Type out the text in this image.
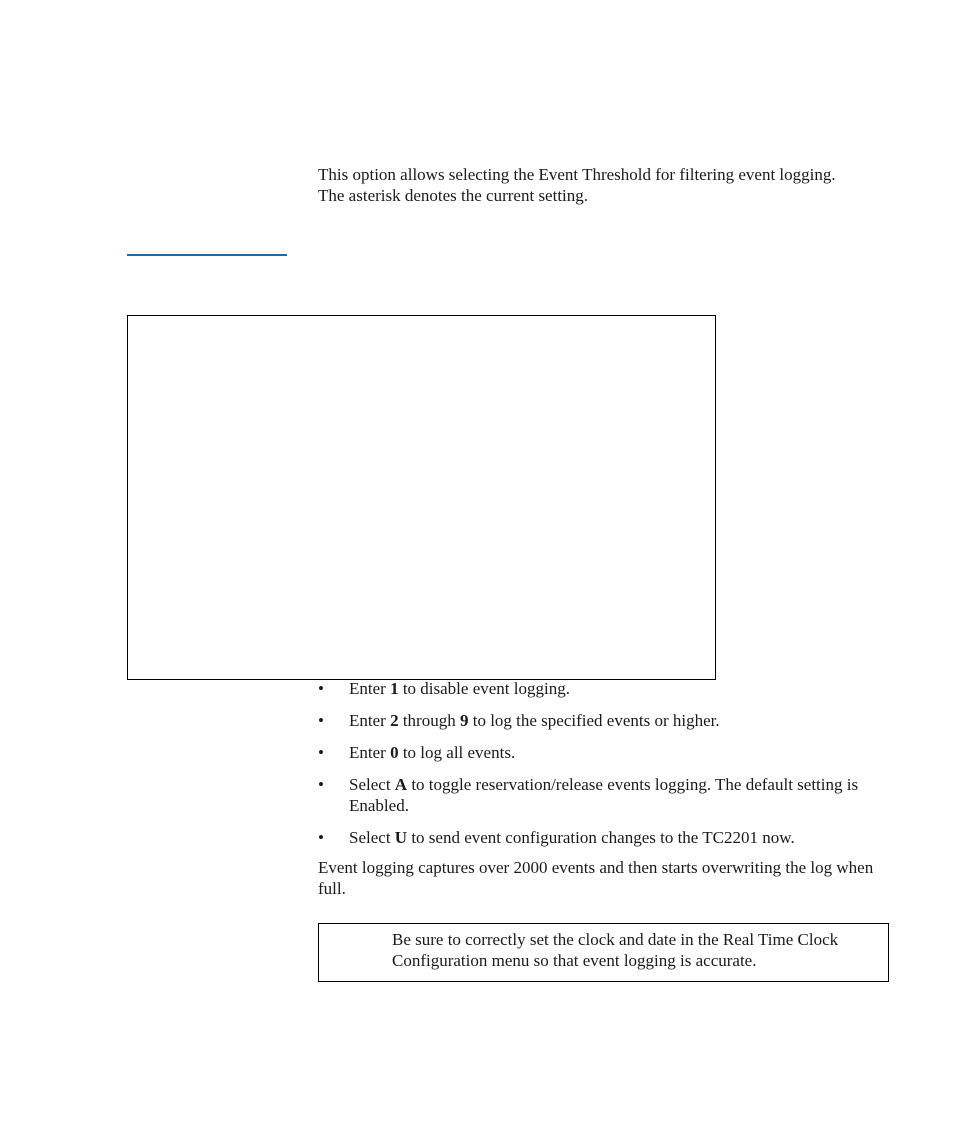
This option allows selecting the Event Threshold for filtering event logging. The asterisk denotes the current setting.

• Enter 1 to disable event logging.
• Enter 2 through 9 to log the specified events or higher.
• Enter 0 to log all events.
• Select A to toggle reservation/release events logging. The default setting is Enabled.
• Select U to send event configuration changes to the TC2201 now.

Event logging captures over 2000 events and then starts overwriting the log when full.

Be sure to correctly set the clock and date in the Real Time Clock Configuration menu so that event logging is accurate.
